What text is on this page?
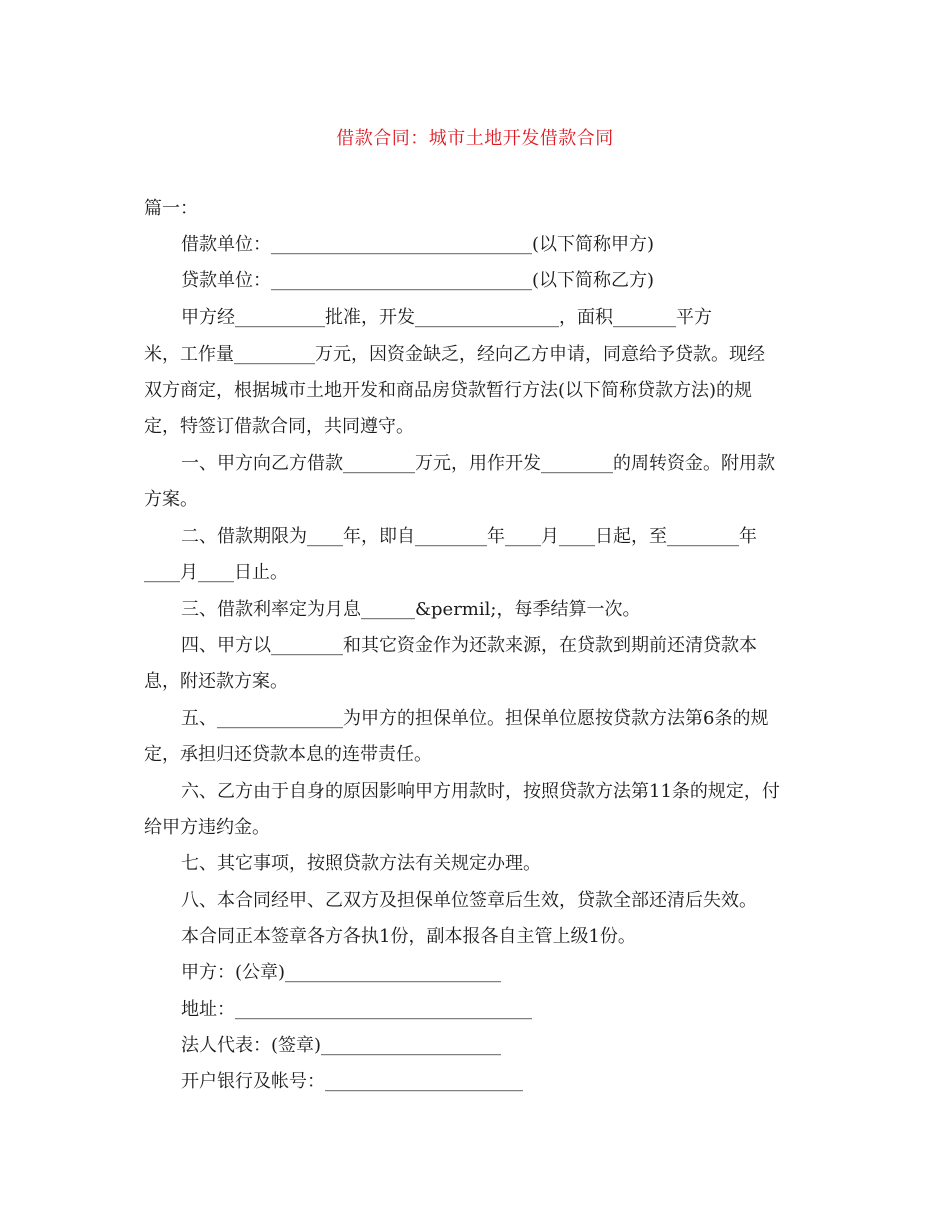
借款合同：城市土地开发借款合同
篇一：
借款单位：_____________________________(以下简称甲方)
贷款单位：_____________________________(以下简称乙方)
甲方经__________批准，开发________________，面积_______平方
米，工作量_________万元，因资金缺乏，经向乙方申请，同意给予贷款。现经
双方商定，根据城市土地开发和商品房贷款暂行方法(以下简称贷款方法)的规
定，特签订借款合同，共同遵守。
一、甲方向乙方借款________万元，用作开发________的周转资金。附用款
方案。
二、借款期限为____年，即自________年____月____日起，至________年
____月____日止。
三、借款利率定为月息______&permil;，每季结算一次。
四、甲方以________和其它资金作为还款来源，在贷款到期前还清贷款本
息，附还款方案。
五、______________为甲方的担保单位。担保单位愿按贷款方法第6条的规
定，承担归还贷款本息的连带责任。
六、乙方由于自身的原因影响甲方用款时，按照贷款方法第11条的规定，付
给甲方违约金。
七、其它事项，按照贷款方法有关规定办理。
八、本合同经甲、乙双方及担保单位签章后生效，贷款全部还清后失效。
本合同正本签章各方各执1份，副本报各自主管上级1份。
甲方：(公章)________________________
地址：_________________________________
法人代表：(签章)____________________
开户银行及帐号：______________________
